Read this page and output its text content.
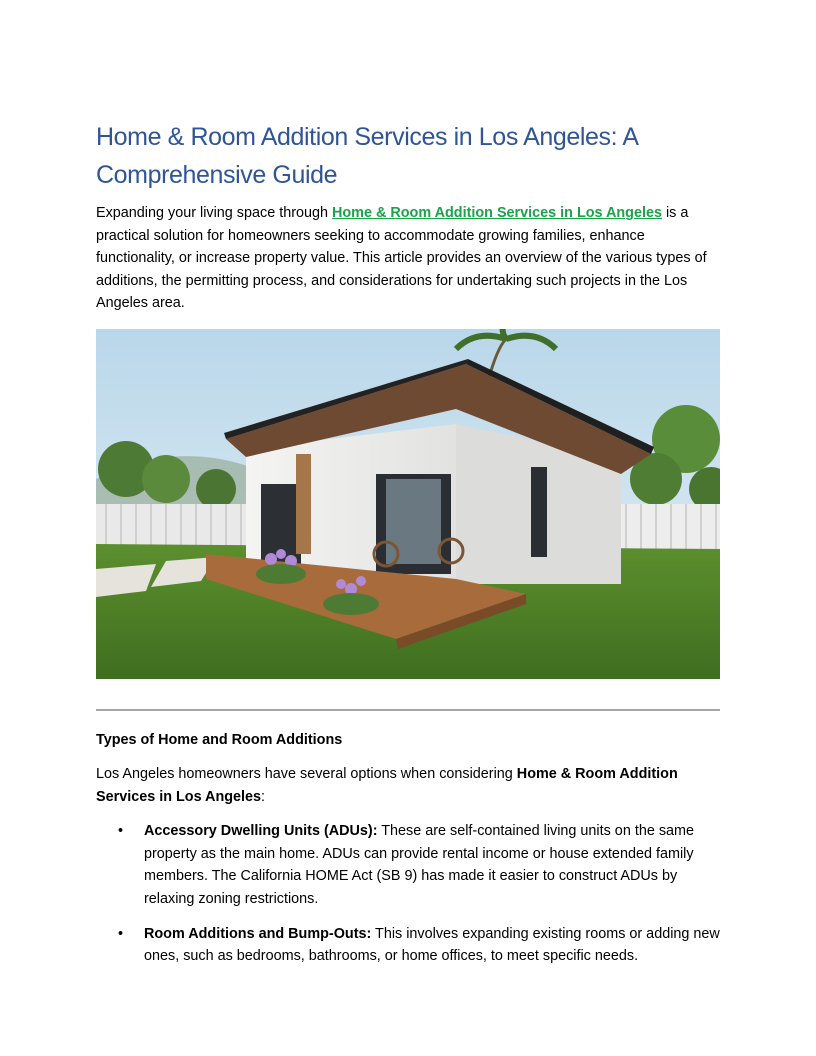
Home & Room Addition Services in Los Angeles: A Comprehensive Guide

Expanding your living space through Home & Room Addition Services in Los Angeles is a practical solution for homeowners seeking to accommodate growing families, enhance functionality, or increase property value. This article provides an overview of the various types of additions, the permitting process, and considerations for undertaking such projects in the Los Angeles area.

Types of Home and Room Additions

Los Angeles homeowners have several options when considering Home & Room Addition Services in Los Angeles:

• Accessory Dwelling Units (ADUs): These are self-contained living units on the same property as the main home. ADUs can provide rental income or house extended family members. The California HOME Act (SB 9) has made it easier to construct ADUs by relaxing zoning restrictions.
• Room Additions and Bump-Outs: This involves expanding existing rooms or adding new ones, such as bedrooms, bathrooms, or home offices, to meet specific needs.
